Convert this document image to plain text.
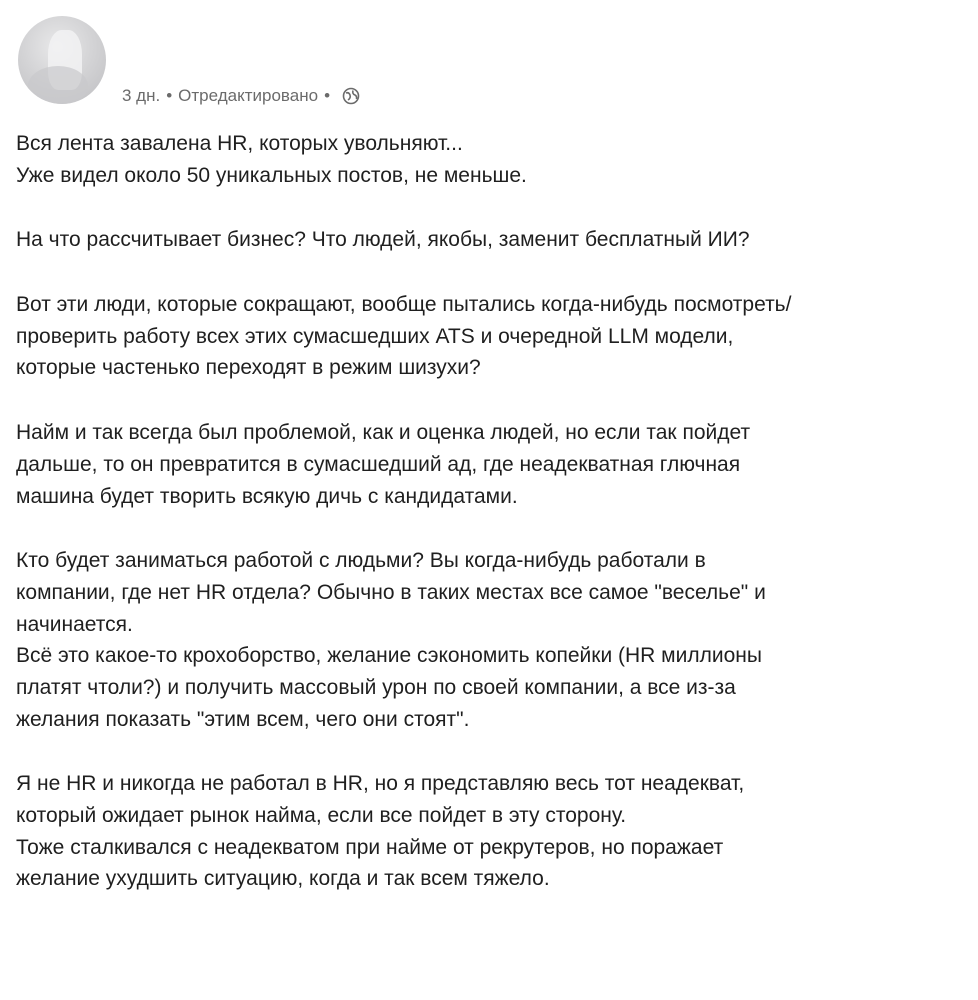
3 дн. • Отредактировано •
Вся лента завалена HR, которых увольняют...
Уже видел около 50 уникальных постов, не меньше.
На что рассчитывает бизнес? Что людей, якобы, заменит бесплатный ИИ?
Вот эти люди, которые сокращают, вообще пытались когда-нибудь посмотреть/
проверить работу всех этих сумасшедших ATS и очередной LLM модели,
которые частенько переходят в режим шизухи?
Найм и так всегда был проблемой, как и оценка людей, но если так пойдет
дальше, то он превратится в сумасшедший ад, где неадекватная глючная
машина будет творить всякую дичь с кандидатами.
Кто будет заниматься работой с людьми? Вы когда-нибудь работали в
компании, где нет HR отдела? Обычно в таких местах все самое "веселье" и
начинается.
Всё это какое-то крохоборство, желание сэкономить копейки (HR миллионы
платят чтоли?) и получить массовый урон по своей компании, а все из-за
желания показать "этим всем, чего они стоят".
Я не HR и никогда не работал в HR, но я представляю весь тот неадекват,
который ожидает рынок найма, если все пойдет в эту сторону.
Тоже сталкивался с неадекватом при найме от рекрутеров, но поражает
желание ухудшить ситуацию, когда и так всем тяжело.
